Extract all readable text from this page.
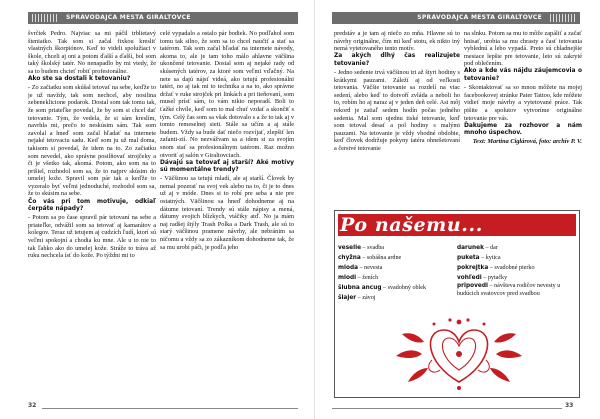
SPRAVODAJCA MESTA GIRALTOVCE	SPRAVODAJCA MESTA GIRALTOVCE

švrčiek Pedro. Najviac sa mi páčil trblietavý šteniatko. Tak som si začal fixkou kresliť vlastných škorpiónov. Keď to videli spolužiaci v škole, chceli aj oni a potom ďalší a ďalší, bol som taký školský tatér. No nenapadlo by mi vtedy, že sa to budem chcieť robiť profesionálne.

Ako ste sa dostali k tetovaniu?

- Zo začiatku som skúšal tetovať na sebe, keďže to je už navždy, tak som nechcel, aby nosilina zebeneklicione podarok. Dostal som tak tomu tak, že som priateľke povedal, že by som si chcel dať tetovanie. Tým, že vedela, že si sám kreslím, navrhla mi, prečo to neskúsim sám. Tak som zavolal a hneď som začal hľadať na internete nejaké tetovaciu sadu. Keď som ju už mal doma, takisom si povedal, že idem na to. Zo začiatku som nevedel, ako správne posilňovať strojčeky a či je všetko tak, akomá. Potom, ako som na to prišiel, rozhodol som sa, že to najprv skúsim do umelej kože. Spravil som pár tak a keďže to vyzeralo byť veľmi jednoduché, rozhodol som sa, že to skúsim na sebe.

Čo vás pri tom motivuje, odkiaľ čerpáte nápady?

- Potom sa po čase spravil pár tetovaní na sebe a priateľke, odvážil som sa tetovať aj kamarátov a kolegov. Teraz už tetujem aj cudzích ľudí, ktorí sú veľmi spokojní a chodia ku mne. Ale u to nie to tak ľahko ako do umelej kože. Stráže to tráva až ruku nechcela ísť do kože. Po týždni mi to

celé vypadalo a ostalo pár bodiek. No podľahol som tomu tak silno, že som sa to chcel naučiť a stať sa tatérom. Tak som začal hľadať na internete návody, akoma to, ale je tam toho málo ahlavne väčšina ukončené tetovanie. Dostal som aj nejaké rady od skúsených tatérov, za ktoré som veľmi vďačný. Na nete sa dajú nájsť videá, ako tetujú profesionálni tatéri, no aj tak mi to technika a na to, ako správne držať v ruke strojček pri linkách a pri tieňovaní, som musel prísť sám, to vám nikto neporadí. Boli to ťažké chvíle, keď som to mal chuť vzdať a skončiť s tým. Celý čas som sa však dotovalo s a že to tak aj v tomto remeselnej sieti. Stále sa učím a aj stále budem. Vždy sa bude dať niečo rozvíjať, zlepšiť len zafanti-zií. No nezvážvam sa a idem si za svojím snom stať sa profesionálnym tatérom. Raz možno otvoriť aj salón v Giraltovciach.

Dávajú sa tetovať aj starší? Aké motívy sú momentálne trendy?

- Väčšinou sa tetujú mladí, ale aj starší. Človek by nemal pozerať na svoj vek alebo na to, či je to dnes už aj v móde. Dnes si to robí pre seba a nie pre ostatných. Väčšinou sa hneď dohodneme aj na dátume tetovaní. Trendy sú stále nápisy a mená, dátumy svojich blízkych, vtáčiky atď. No ja mám naj radšej štýly Trash Polka a Dark Trash, ale sú to starý väčšinou pramene návrhy, ale nebránim sa ničomu a vždy sa zo zákazníkom dohodneme tak, že sa mu urobí páči, je podľa jeho

predstáv a je tam aj niečo zo mňa. Hlavne sú to návrhy originálne, čím mi keď stotu, ek nikto iný nemá vytetovaného tento motív.

Za akých dlhý čas realizujete tetovanie?

- Jedno sedenie trvá väčšinou tri až štyri hodiny s krátkymi pauzami. Záleží aj od veľkosti tetovania. Väčšie tetovanie sa rozdelí na viac sedení, alebo keď to dotvoří zvláda a neboli ho to, robím ho aj naraz aj v jeden deň celé. Asi môj rekord je zatiaľ sedem hodín počas jedného sedenia. Mal som ujednu tiské tetovanie, keď som tetoval desať a pol hodiny s malými pauzami. Na tetovanie je vždy vhodné obdobie, keď človek dodržuje pokyny tatéra ohnešetovaní a čerstvé tetovanie

na slnku. Potom sa mu to môže zapáliť a začať hnisať, urobia sa mu chrasty a časť tetovania vyblednú a lebo vypadá. Preto sú chladnejšie mesiace lepšie pre tetovanie, leto sú zakryté pod oblečením.

Ako a kde vás nájdu záujemcovia o tetovanie?

- Skontaktovať sa so mnou môžete na mojej facebookovej stránke Pater Tattoo, kde môžete vidieť moje návrhy a vytetované práce. Tak pišite a spolutov vytvoríme originálne tetovanie pre vás.

Ďakujeme za rozhovor a nám mnoho úspechov.

Text: Martina Ciglárová, foto: archív P. V.

Po našemu...
veselie – svadba
chyžna – sobášna ardne
mloda – nevesta
mlodi – ženích
šlubna ancug – svadobný oblek
šlajer – závoj
darunek – dar
puketa – kytica
pokrejtka – svadobné pierko
vohľedi – pytačky
pripovedi – návšteva rodičov nevesty u budúcich svatovcov pred svadbou
32	33
